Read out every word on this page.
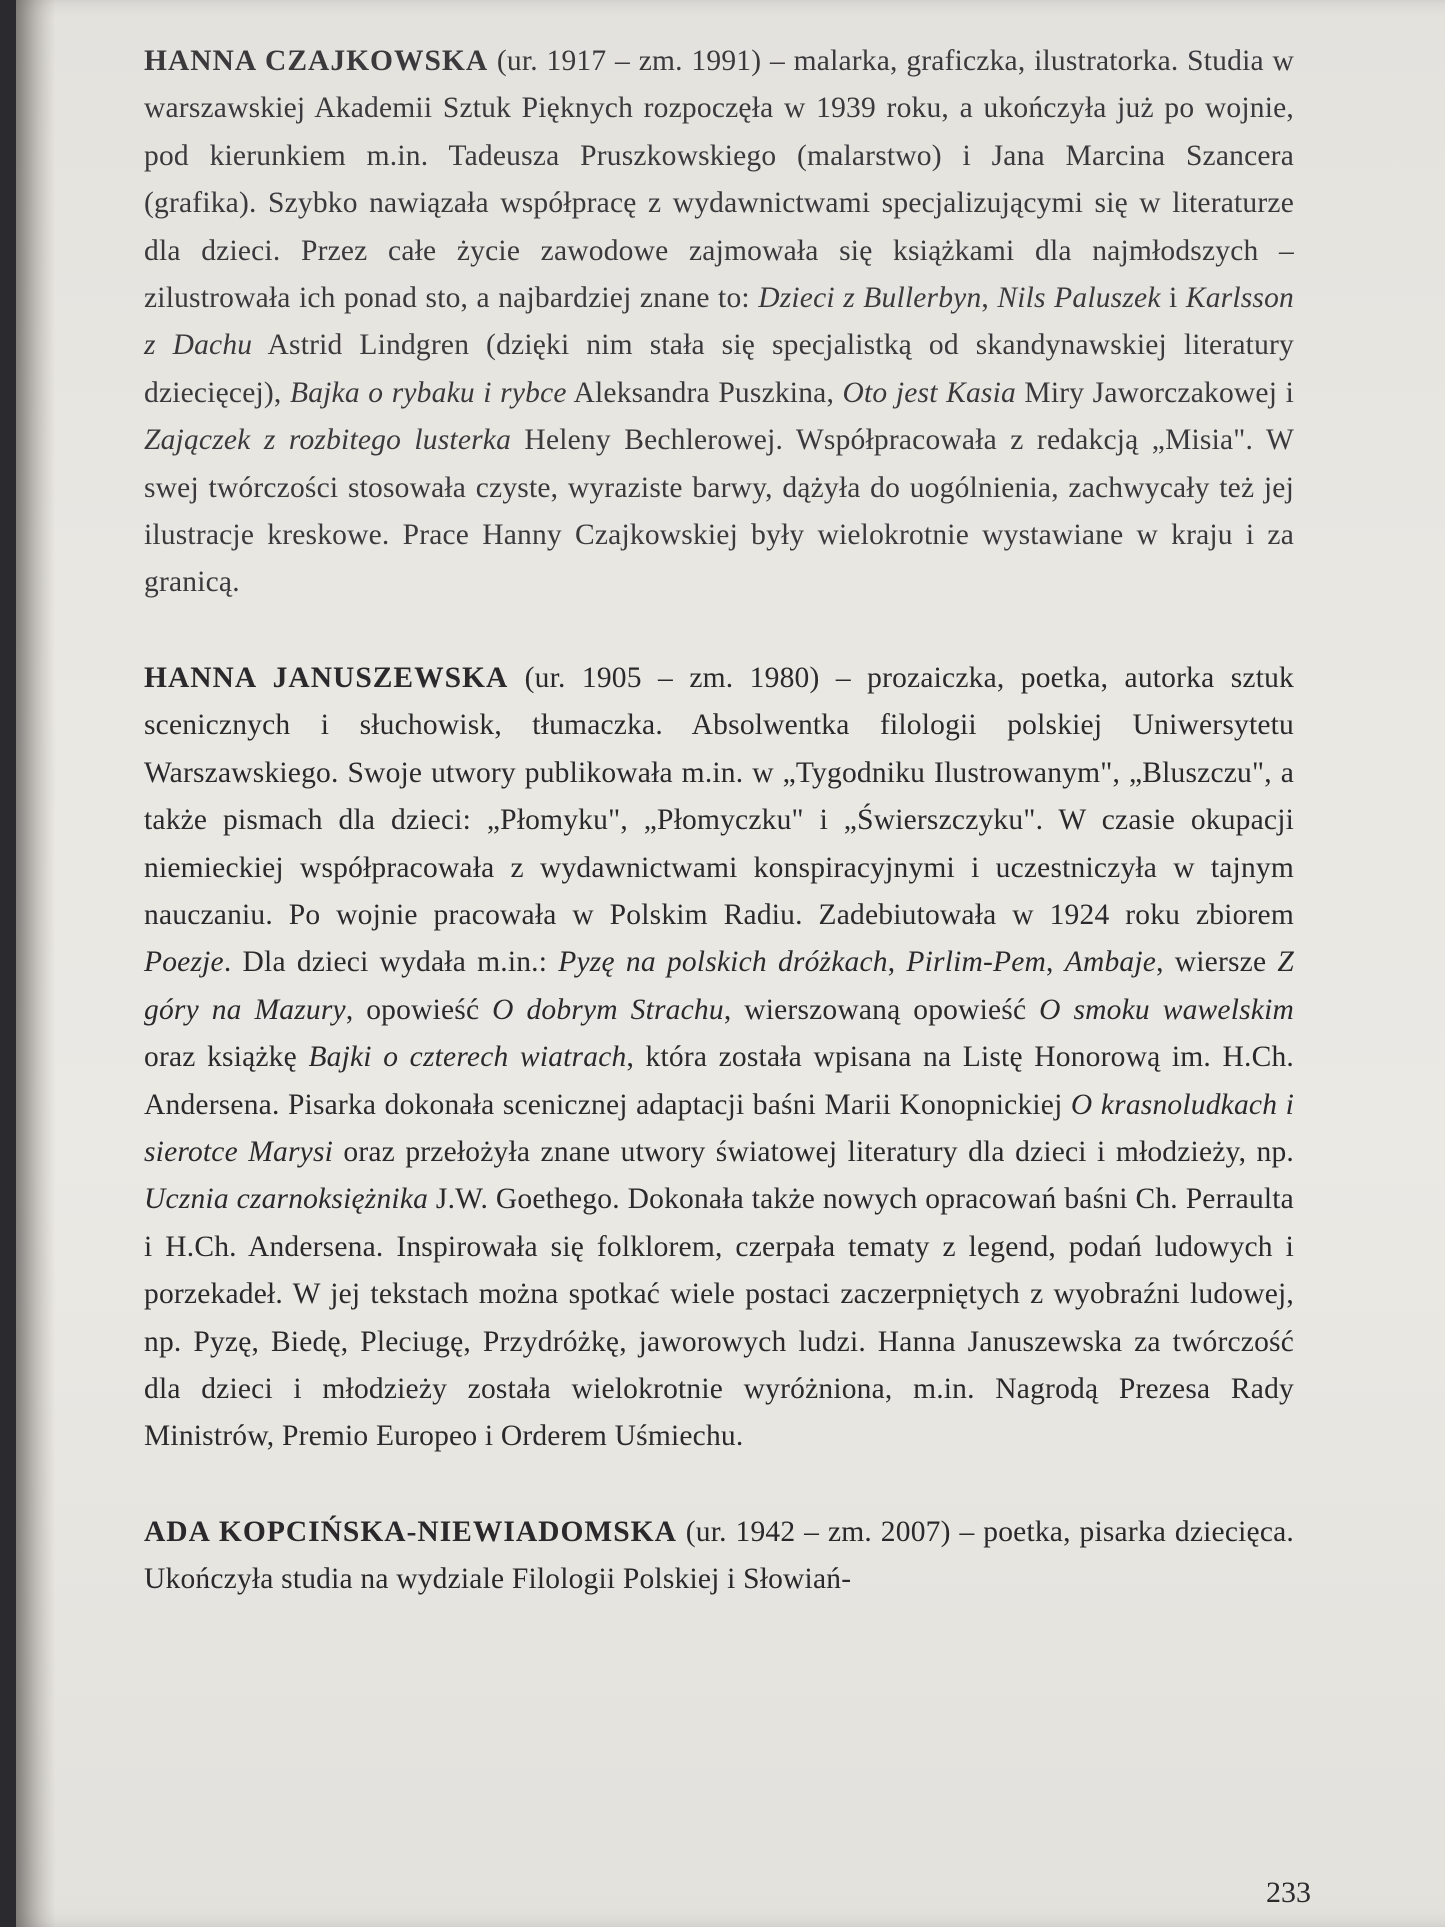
HANNA CZAJKOWSKA (ur. 1917 – zm. 1991) – malarka, graficzka, ilustratorka. Studia w warszawskiej Akademii Sztuk Pięknych rozpoczęła w 1939 roku, a ukończyła już po wojnie, pod kierunkiem m.in. Tadeusza Pruszkowskiego (malarstwo) i Jana Marcina Szancera (grafika). Szybko nawiązała współpracę z wydawnictwami specjalizującymi się w literaturze dla dzieci. Przez całe życie zawodowe zajmowała się książkami dla najmłodszych – zilustrowała ich ponad sto, a najbardziej znane to: Dzieci z Bullerbyn, Nils Paluszek i Karlsson z Dachu Astrid Lindgren (dzięki nim stała się specjalistką od skandynawskiej literatury dziecięcej), Bajka o rybaku i rybce Aleksandra Puszkina, Oto jest Kasia Miry Jaworczakowej i Zajączek z rozbitego lusterka Heleny Bechlerowej. Współpracowała z redakcją „Misia". W swej twórczości stosowała czyste, wyraziste barwy, dążyła do uogólnienia, zachwycały też jej ilustracje kreskowe. Prace Hanny Czajkowskiej były wielokrotnie wystawiane w kraju i za granicą.

HANNA JANUSZEWSKA (ur. 1905 – zm. 1980) – prozaiczka, poetka, autorka sztuk scenicznych i słuchowisk, tłumaczka. Absolwentka filologii polskiej Uniwersytetu Warszawskiego. Swoje utwory publikowała m.in. w „Tygodniku Ilustrowanym", „Bluszczu", a także pismach dla dzieci: „Płomyku", „Płomyczku" i „Świerszczyku". W czasie okupacji niemieckiej współpracowała z wydawnictwami konspiracyjnymi i uczestniczyła w tajnym nauczaniu. Po wojnie pracowała w Polskim Radiu. Zadebiutowała w 1924 roku zbiorem Poezje. Dla dzieci wydała m.in.: Pyzę na polskich dróżkach, Pirlim-Pem, Ambaje, wiersze Z góry na Mazury, opowieść O dobrym Strachu, wierszowaną opowieść O smoku wawelskim oraz książkę Bajki o czterech wiatrach, która została wpisana na Listę Honorową im. H.Ch. Andersena. Pisarka dokonała scenicznej adaptacji baśni Marii Konopnickiej O krasnoludkach i sierotce Marysi oraz przełożyła znane utwory światowej literatury dla dzieci i młodzieży, np. Ucznia czarnoksiężnika J.W. Goethego. Dokonała także nowych opracowań baśni Ch. Perraulta i H.Ch. Andersena. Inspirowała się folklorem, czerpała tematy z legend, podań ludowych i porzekadeł. W jej tekstach można spotkać wiele postaci zaczerpniętych z wyobraźni ludowej, np. Pyzę, Biedę, Pleciugę, Przydróżkę, jaworowych ludzi. Hanna Januszewska za twórczość dla dzieci i młodzieży została wielokrotnie wyróżniona, m.in. Nagrodą Prezesa Rady Ministrów, Premio Europeo i Orderem Uśmiechu.

ADA KOPCIŃSKA-NIEWIADOMSKA (ur. 1942 – zm. 2007) – poetka, pisarka dziecięca. Ukończyła studia na wydziale Filologii Polskiej i Słowiań-

233
